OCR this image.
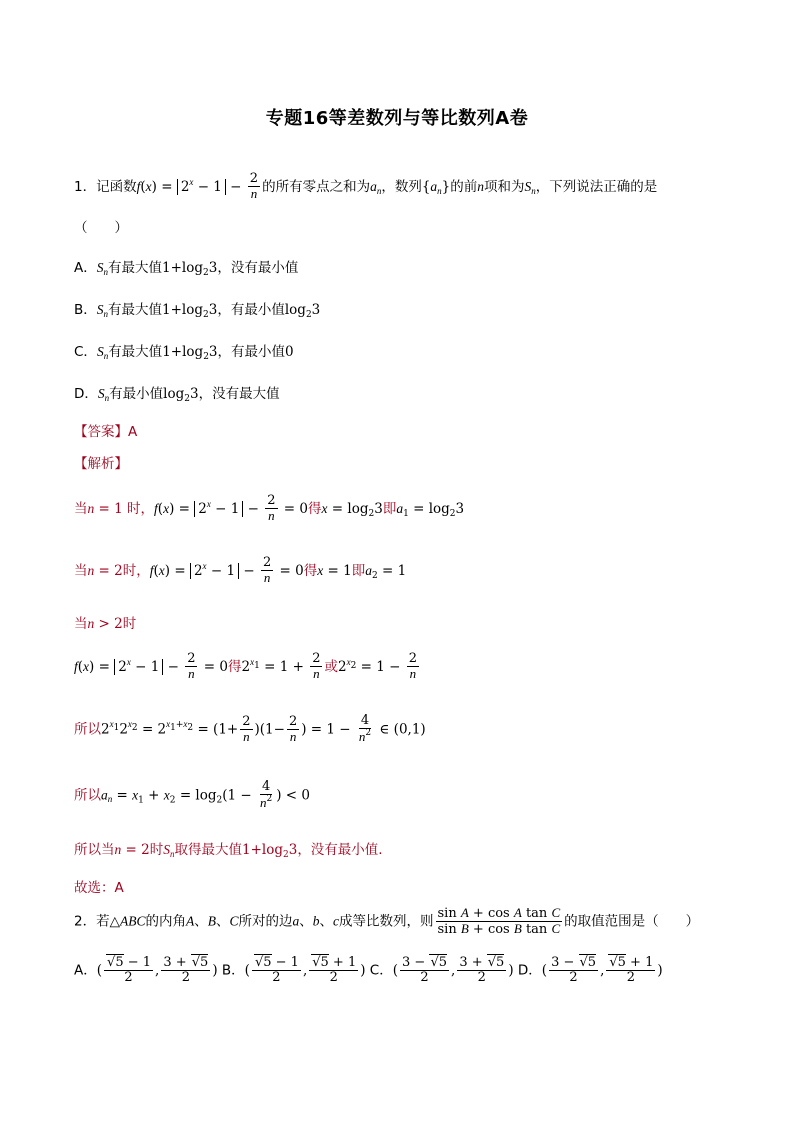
专题16等差数列与等比数列A卷
1．记函数$f(x) = 2^x - 1 - \frac{2}{n}$ 的所有零点之和为$a_n$，数列$\{a_n\}$的前n项和为$S_n$，下列说法正确的是
（　　）
A．$S_n$有最大值$1+\log_23$，没有最小值
B．$S_n$有最大值$1+\log_23$，有最小值$\log_23$
C．$S_n$有最大值$1+\log_23$，有最小值0
D．$S_n$有最小值$\log_23$，没有最大值
【答案】A
【解析】
当n = 1 时，$f(x) = 2^x - 1 - \frac{2}{n} = 0$得$x = \log_23$即$a_1 = \log_23$
当n = 2时，$f(x) = 2^x - 1 - \frac{2}{n} = 0$得x = 1即$a_2 = 1$
当n > 2时
$f(x) = 2^x - 1 - \frac{2}{n} = 0$得$2^{x_1} = 1 + \frac{2}{n}$ 或$2^{x_2} = 1 - \frac{2}{n}$
所以$2^{x_1}2^{x_2} = 2^{x_1+x_2} = (1+ \frac{2}{n} )(1- \frac{2}{n}$ ) = $1 - \frac{4}{n^2}$ ∈ (0,1)
所以$a_n = x_1 + x_2 = \log_2(1 - \frac{4}{n^2}$ ) < 0
所以当n = 2时$S_n$取得最大值$1+\log_23$，没有最小值.
故选：A
2．若△ABC的内角A、B、C所对的边a、b、c成等比数列，则 $\frac{\text{sin A + cos A tan C}}{\text{sin B + cos B tan C}}$ 的取值范围是（　　）
A．( $\frac{√5 - 1}{2}$ , $\frac{3 + √5}{2}$ ) B．( $\frac{√5 - 1}{2}$ , $\frac{√5 + 1}{2}$ ) C．( $\frac{3 - √5}{2}$ , $\frac{3 + √5}{2}$ ) D．( $\frac{3 - √5}{2}$ , $\frac{√5 + 1}{2}$ )
